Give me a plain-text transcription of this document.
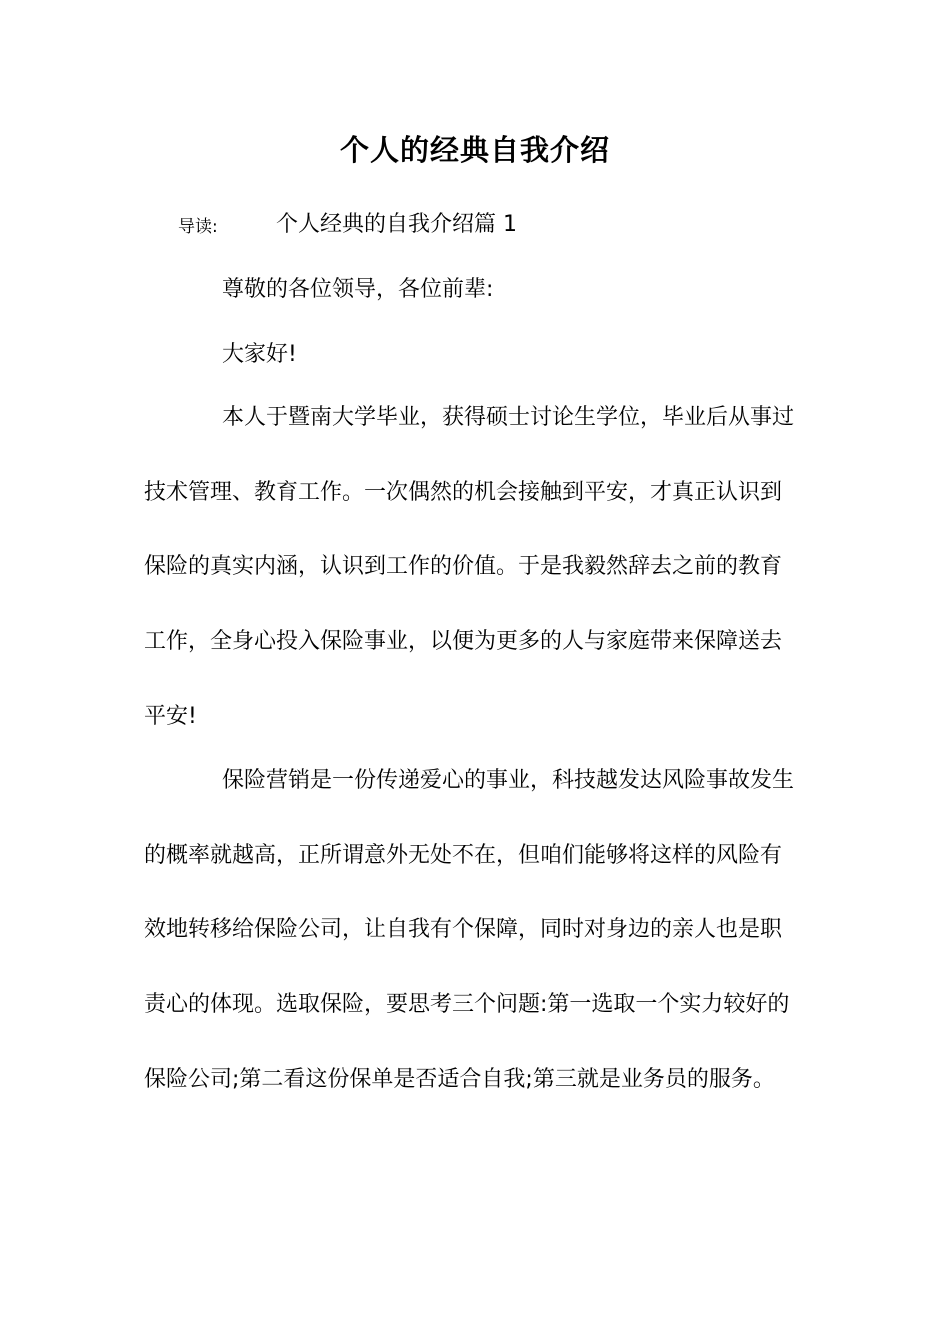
个人的经典自我介绍
导读:	个人经典的自我介绍篇 1
尊敬的各位领导，各位前辈:
大家好!
本人于暨南大学毕业，获得硕士讨论生学位，毕业后从事过
技术管理、教育工作。一次偶然的机会接触到平安，才真正认识到
保险的真实内涵，认识到工作的价值。于是我毅然辞去之前的教育
工作，全身心投入保险事业，以便为更多的人与家庭带来保障送去
平安!
保险营销是一份传递爱心的事业，科技越发达风险事故发生
的概率就越高，正所谓意外无处不在，但咱们能够将这样的风险有
效地转移给保险公司，让自我有个保障，同时对身边的亲人也是职
责心的体现。选取保险，要思考三个问题:第一选取一个实力较好的
保险公司;第二看这份保单是否适合自我;第三就是业务员的服务。
